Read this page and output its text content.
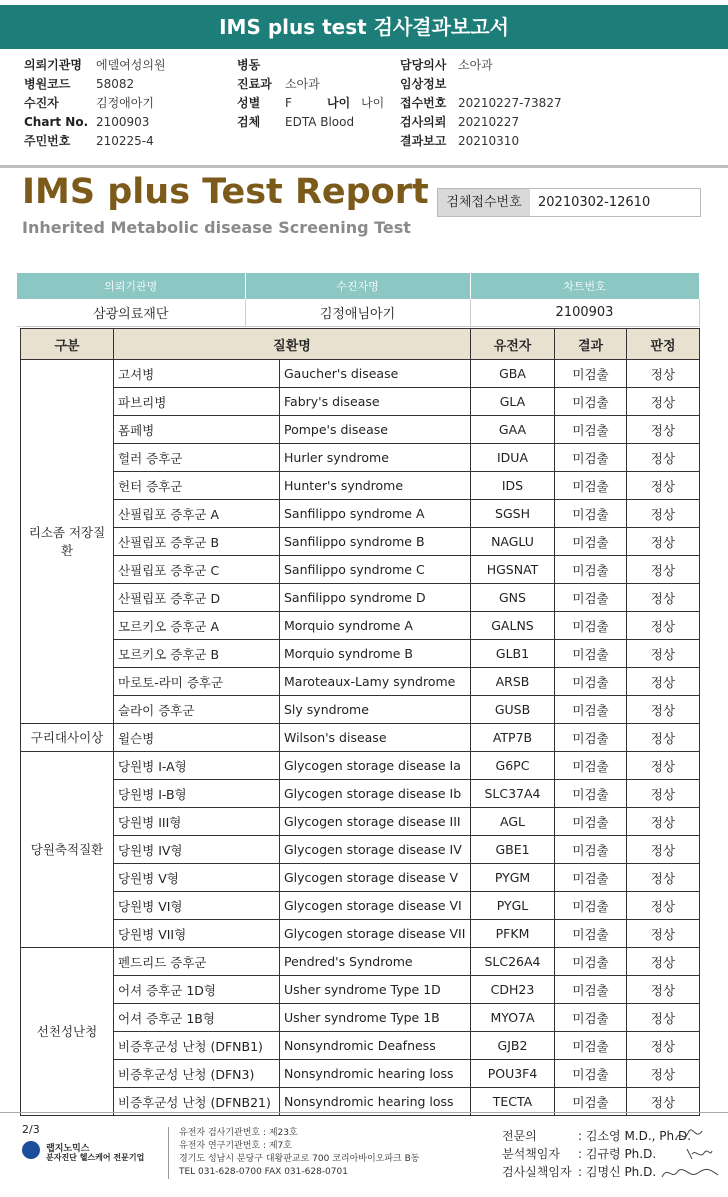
IMS plus test 검사결과보고서
의뢰기관명 에델여성의원
병원코드 58082
수진자	김정애아기
Chart No. 2100903
주민번호 210225-4
병동
진료과 소아과
성별 F	나이 나이
검체 EDTA Blood
담당의사 소아과
임상정보
접수번호 20210227-73827
검사의뢰 20210227
결과보고 20210310
IMS plus Test Report
Inherited Metabolic disease Screening Test
검체접수번호	20210302-12610
의뢰기관명	수진자명	차트번호
삼광의료재단	김정애님아기	2100903
구분	질환명		유전자	결과	판정
리소좀 저장질환	고셔병	Gaucher's disease	GBA	미검출	정상
	파브리병	Fabry's disease	GLA	미검출	정상
	폼페병	Pompe's disease	GAA	미검출	정상
	헐러 증후군	Hurler syndrome	IDUA	미검출	정상
	헌터 증후군	Hunter's syndrome	IDS	미검출	정상
	산필립포 증후군 A	Sanfilippo syndrome A	SGSH	미검출	정상
	산필립포 증후군 B	Sanfilippo syndrome B	NAGLU	미검출	정상
	산필립포 증후군 C	Sanfilippo syndrome C	HGSNAT	미검출	정상
	산필립포 증후군 D	Sanfilippo syndrome D	GNS	미검출	정상
	모르키오 증후군 A	Morquio syndrome A	GALNS	미검출	정상
	모르키오 증후군 B	Morquio syndrome B	GLB1	미검출	정상
	마로토-라미 증후군	Maroteaux-Lamy syndrome	ARSB	미검출	정상
	슬라이 증후군	Sly syndrome	GUSB	미검출	정상
구리대사이상	윌슨병	Wilson's disease	ATP7B	미검출	정상
당원축적질환	당원병 I-A형	Glycogen storage disease Ia	G6PC	미검출	정상
	당원병 I-B형	Glycogen storage disease Ib	SLC37A4	미검출	정상
	당원병 III형	Glycogen storage disease III	AGL	미검출	정상
	당원병 IV형	Glycogen storage disease IV	GBE1	미검출	정상
	당원병 V형	Glycogen storage disease V	PYGM	미검출	정상
	당원병 VI형	Glycogen storage disease VI	PYGL	미검출	정상
	당원병 VII형	Glycogen storage disease VII	PFKM	미검출	정상
선천성난청	펜드리드 증후군	Pendred's Syndrome	SLC26A4	미검출	정상
	어셔 증후군 1D형	Usher syndrome Type 1D	CDH23	미검출	정상
	어셔 증후군 1B형	Usher syndrome Type 1B	MYO7A	미검출	정상
	비증후군성 난청 (DFNB1)	Nonsyndromic Deafness	GJB2	미검출	정상
	비증후군성 난청 (DFN3)	Nonsyndromic hearing loss	POU3F4	미검출	정상
	비증후군성 난청 (DFNB21)	Nonsyndromic hearing loss	TECTA	미검출	정상
2/3
랩지노믹스
분자진단 헬스케어 전문기업
유전자 검사기관번호 : 제23호
유전자 연구기관번호 : 제7호
경기도 성남시 분당구 대왕판교로 700 코리아바이오파크 B동
TEL 031-628-0700 FAX 031-628-0701
전문의	: 김소영 M.D., Ph.D.
분석책임자 : 김규령 Ph.D.
검사실책임자 : 김명신 Ph.D.
